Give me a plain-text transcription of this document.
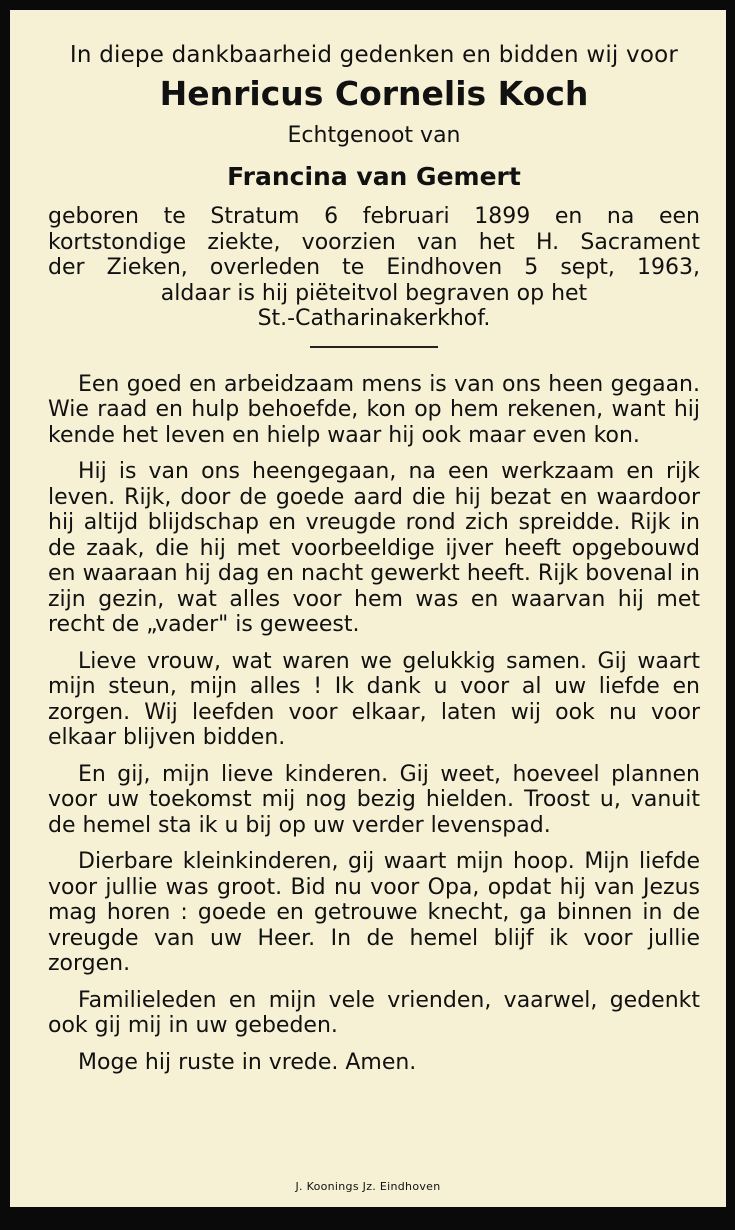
In diepe dankbaarheid gedenken en bidden wij voor
Henricus Cornelis Koch
Echtgenoot van
Francina van Gemert
geboren te Stratum 6 februari 1899 en na een
kortstondige ziekte, voorzien van het H. Sacrament
der Zieken, overleden te Eindhoven 5 sept, 1963,
aldaar is hij piëteitvol begraven op het
St.-Catharinakerkhof.

Een goed en arbeidzaam mens is van ons heen gegaan. Wie raad en hulp behoefde, kon op hem rekenen, want hij kende het leven en hielp waar hij ook maar even kon.

Hij is van ons heengegaan, na een werkzaam en rijk leven. Rijk, door de goede aard die hij bezat en waardoor hij altijd blijdschap en vreugde rond zich spreidde. Rijk in de zaak, die hij met voorbeeldige ijver heeft opgebouwd en waaraan hij dag en nacht gewerkt heeft. Rijk bovenal in zijn gezin, wat alles voor hem was en waarvan hij met recht de „vader" is geweest.

Lieve vrouw, wat waren we gelukkig samen. Gij waart mijn steun, mijn alles ! Ik dank u voor al uw liefde en zorgen. Wij leefden voor elkaar, laten wij ook nu voor elkaar blijven bidden.

En gij, mijn lieve kinderen. Gij weet, hoeveel plannen voor uw toekomst mij nog bezig hielden. Troost u, vanuit de hemel sta ik u bij op uw verder levenspad.

Dierbare kleinkinderen, gij waart mijn hoop. Mijn liefde voor jullie was groot. Bid nu voor Opa, opdat hij van Jezus mag horen : goede en getrouwe knecht, ga binnen in de vreugde van uw Heer. In de hemel blijf ik voor jullie zorgen.

Familieleden en mijn vele vrienden, vaarwel, gedenkt ook gij mij in uw gebeden.

Moge hij ruste in vrede. Amen.

J. Koonings Jz. Eindhoven
